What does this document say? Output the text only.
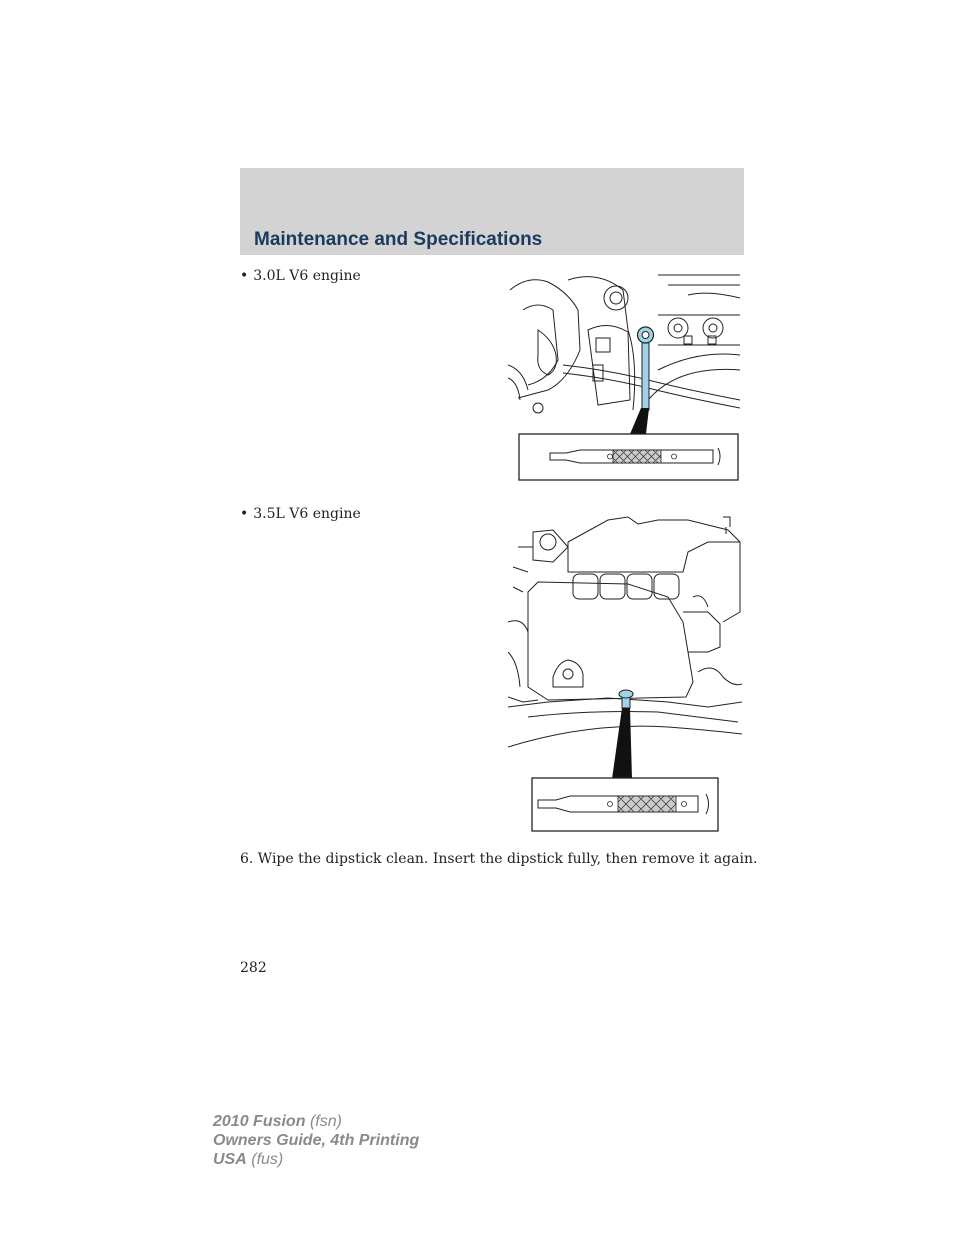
Maintenance and Specifications
• 3.0L V6 engine
• 3.5L V6 engine
6. Wipe the dipstick clean. Insert the dipstick fully, then remove it again.
282
2010 Fusion (fsn)
Owners Guide, 4th Printing
USA (fus)
